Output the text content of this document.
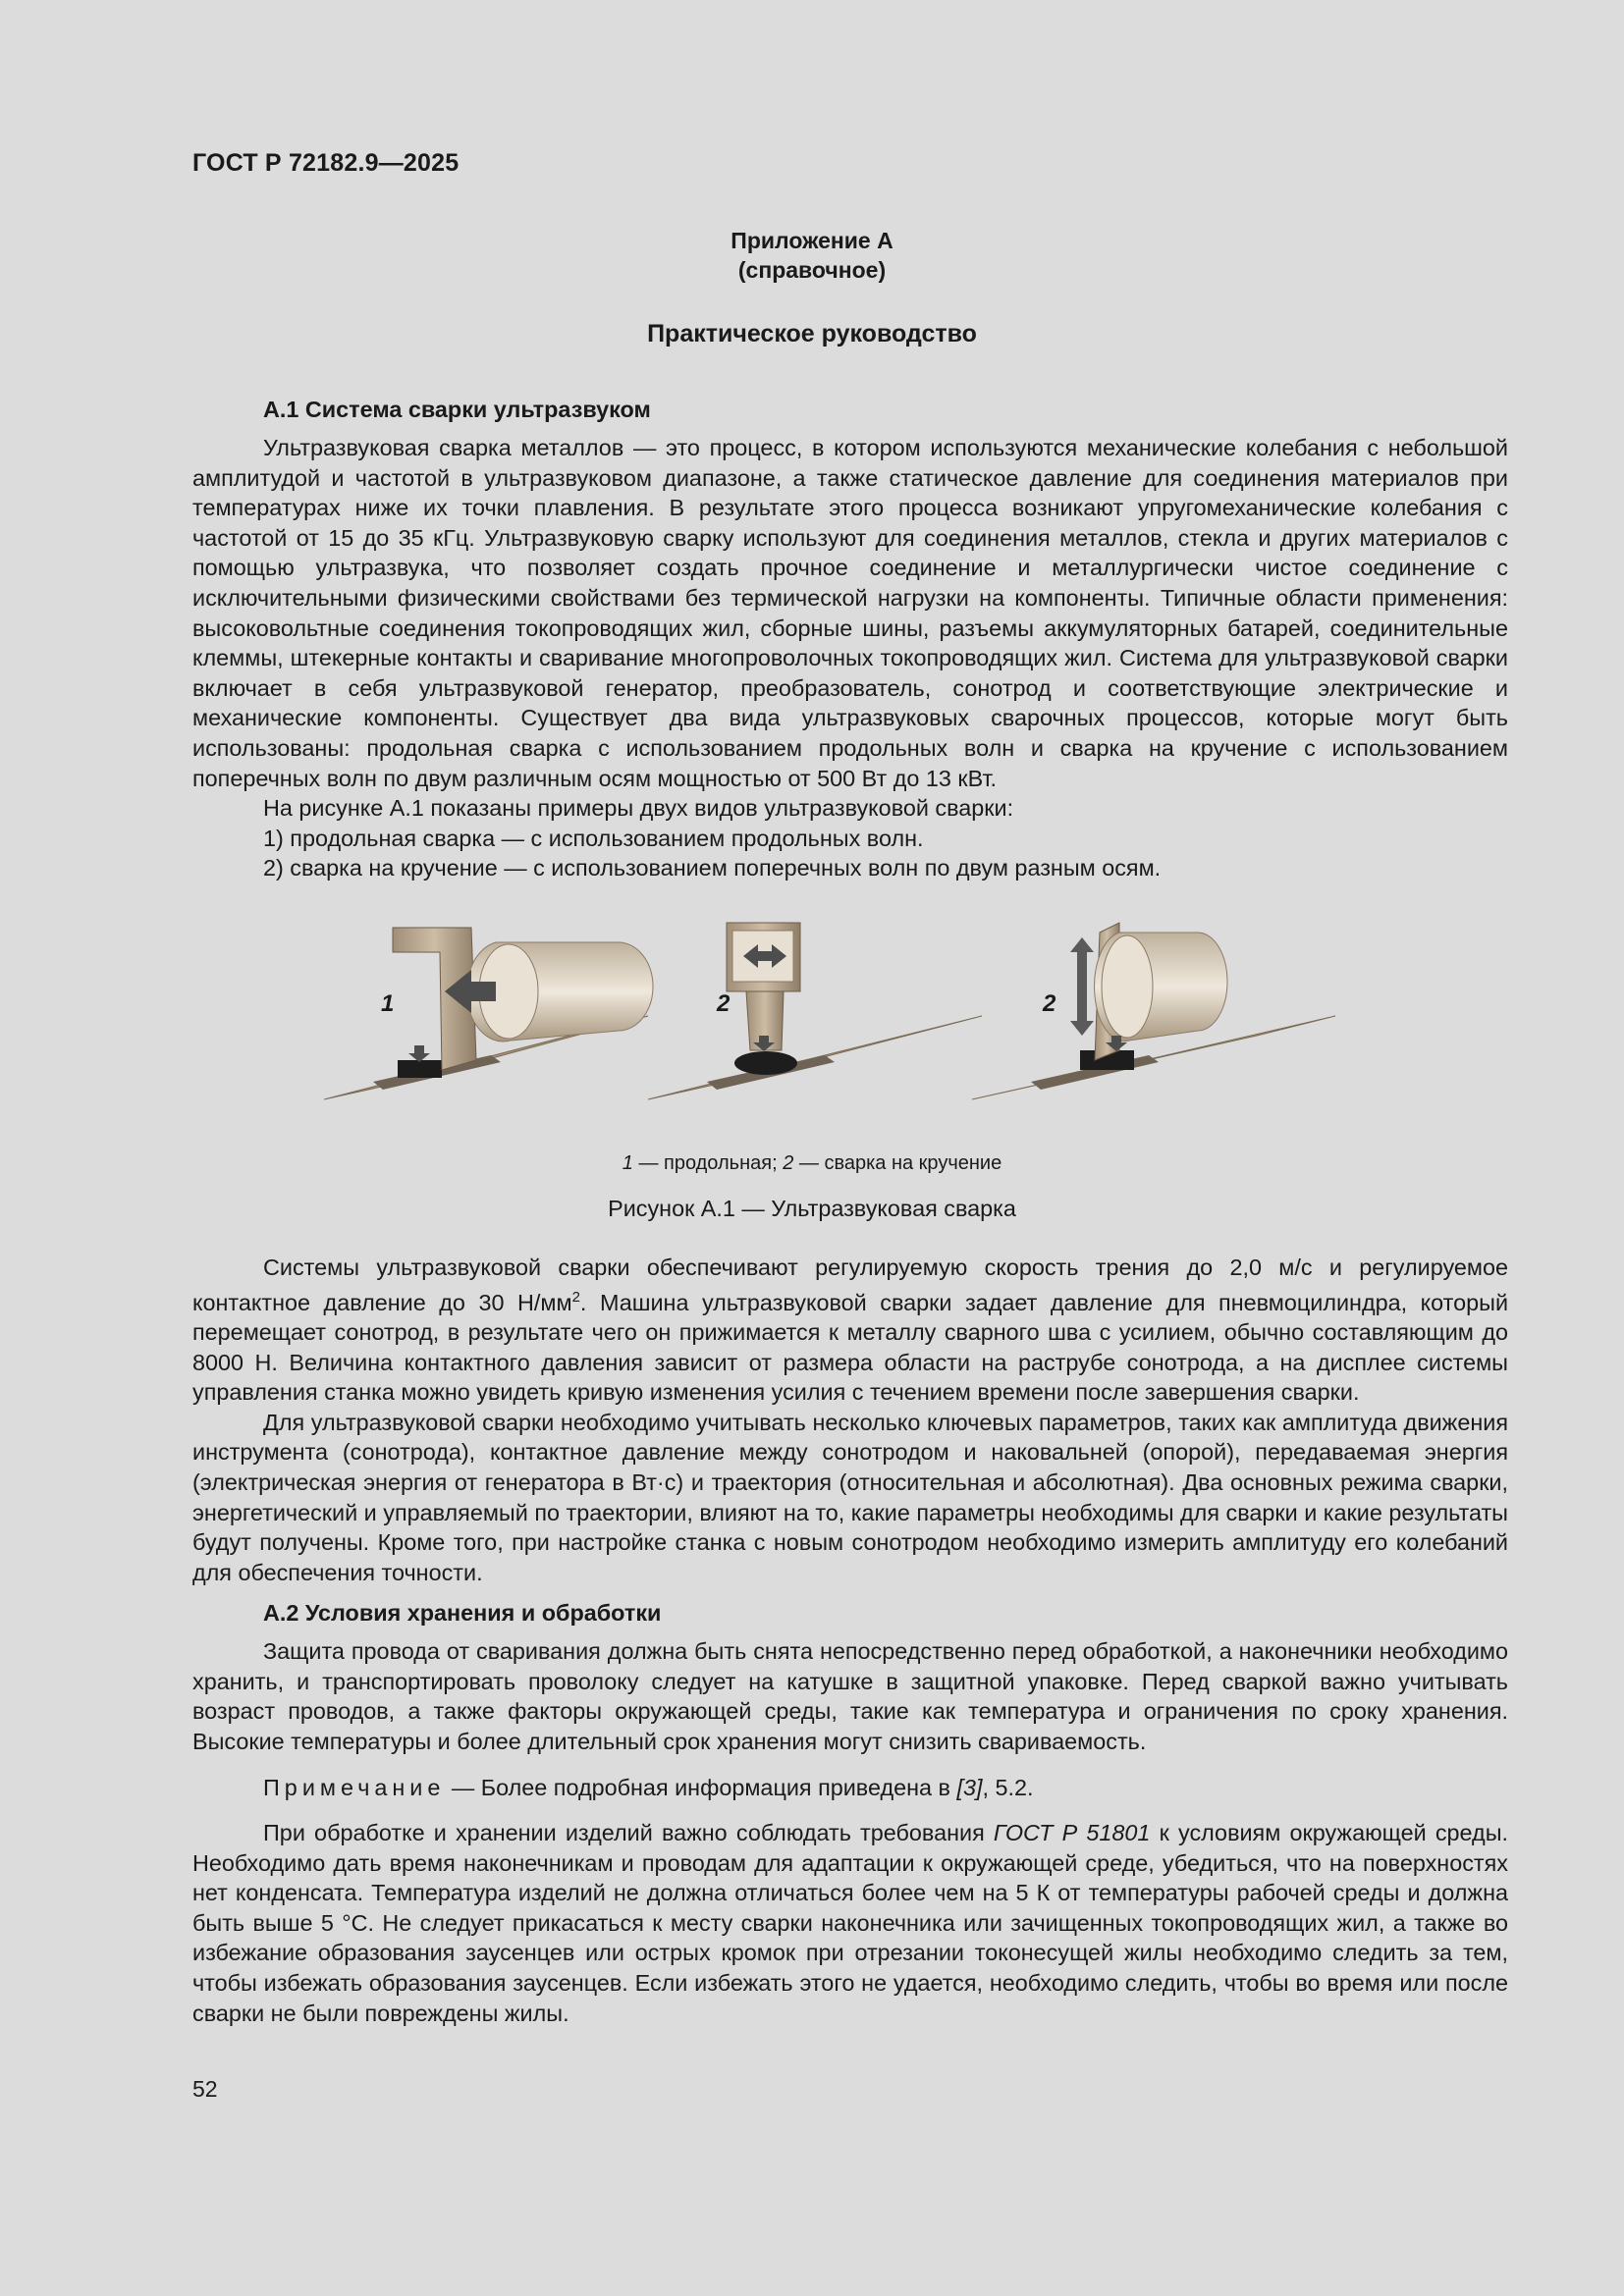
ГОСТ Р 72182.9—2025
Приложение А
(справочное)
Практическое руководство
А.1 Система сварки ультразвуком

Ультразвуковая сварка металлов — это процесс, в котором используются механические колебания с небольшой амплитудой и частотой в ультразвуковом диапазоне, а также статическое давление для соединения материалов при температурах ниже их точки плавления. В результате этого процесса возникают упругомеханические колебания с частотой от 15 до 35 кГц. Ультразвуковую сварку используют для соединения металлов, стекла и других материалов с помощью ультразвука, что позволяет создать прочное соединение и металлургически чистое соединение с исключительными физическими свойствами без термической нагрузки на компоненты. Типичные области применения: высоковольтные соединения токопроводящих жил, сборные шины, разъемы аккумуляторных батарей, соединительные клеммы, штекерные контакты и сваривание многопроволочных токопроводящих жил. Система для ультразвуковой сварки включает в себя ультразвуковой генератор, преобразователь, сонотрод и соответствующие электрические и механические компоненты. Существует два вида ультразвуковых сварочных процессов, которые могут быть использованы: продольная сварка с использованием продольных волн и сварка на кручение с использованием поперечных волн по двум различным осям мощностью от 500 Вт до 13 кВт.

На рисунке А.1 показаны примеры двух видов ультразвуковой сварки:

1) продольная сварка — с использованием продольных волн.

2) сварка на кручение — с использованием поперечных волн по двум разным осям.

1	2	2
1 — продольная; 2 — сварка на кручение
Рисунок А.1 — Ультразвуковая сварка

Системы ультразвуковой сварки обеспечивают регулируемую скорость трения до 2,0 м/с и регулируемое контактное давление до 30 $Н/мм^2$. Машина ультразвуковой сварки задает давление для пневмоцилиндра, который перемещает сонотрод, в результате чего он прижимается к металлу сварного шва с усилием, обычно составляющим до 8000 Н. Величина контактного давления зависит от размера области на раструбе сонотрода, а на дисплее системы управления станка можно увидеть кривую изменения усилия с течением времени после завершения сварки.

Для ультразвуковой сварки необходимо учитывать несколько ключевых параметров, таких как амплитуда движения инструмента (сонотрода), контактное давление между сонотродом и наковальней (опорой), передаваемая энергия (электрическая энергия от генератора в Вт·с) и траектория (относительная и абсолютная). Два основных режима сварки, энергетический и управляемый по траектории, влияют на то, какие параметры необходимы для сварки и какие результаты будут получены. Кроме того, при настройке станка с новым сонотродом необходимо измерить амплитуду его колебаний для обеспечения точности.

А.2 Условия хранения и обработки

Защита провода от сваривания должна быть снята непосредственно перед обработкой, а наконечники необходимо хранить, и транспортировать проволоку следует на катушке в защитной упаковке. Перед сваркой важно учитывать возраст проводов, а также факторы окружающей среды, такие как температура и ограничения по сроку хранения. Высокие температуры и более длительный срок хранения могут снизить свариваемость.

Примечание — Более подробная информация приведена в [3], 5.2.

При обработке и хранении изделий важно соблюдать требования ГОСТ Р 51801 к условиям окружающей среды. Необходимо дать время наконечникам и проводам для адаптации к окружающей среде, убедиться, что на поверхностях нет конденсата. Температура изделий не должна отличаться более чем на 5 К от температуры рабочей среды и должна быть выше 5 °С. Не следует прикасаться к месту сварки наконечника или зачищенных токопроводящих жил, а также во избежание образования заусенцев или острых кромок при отрезании токонесущей жилы необходимо следить за тем, чтобы избежать образования заусенцев. Если избежать этого не удается, необходимо следить, чтобы во время или после сварки не были повреждены жилы.

52
